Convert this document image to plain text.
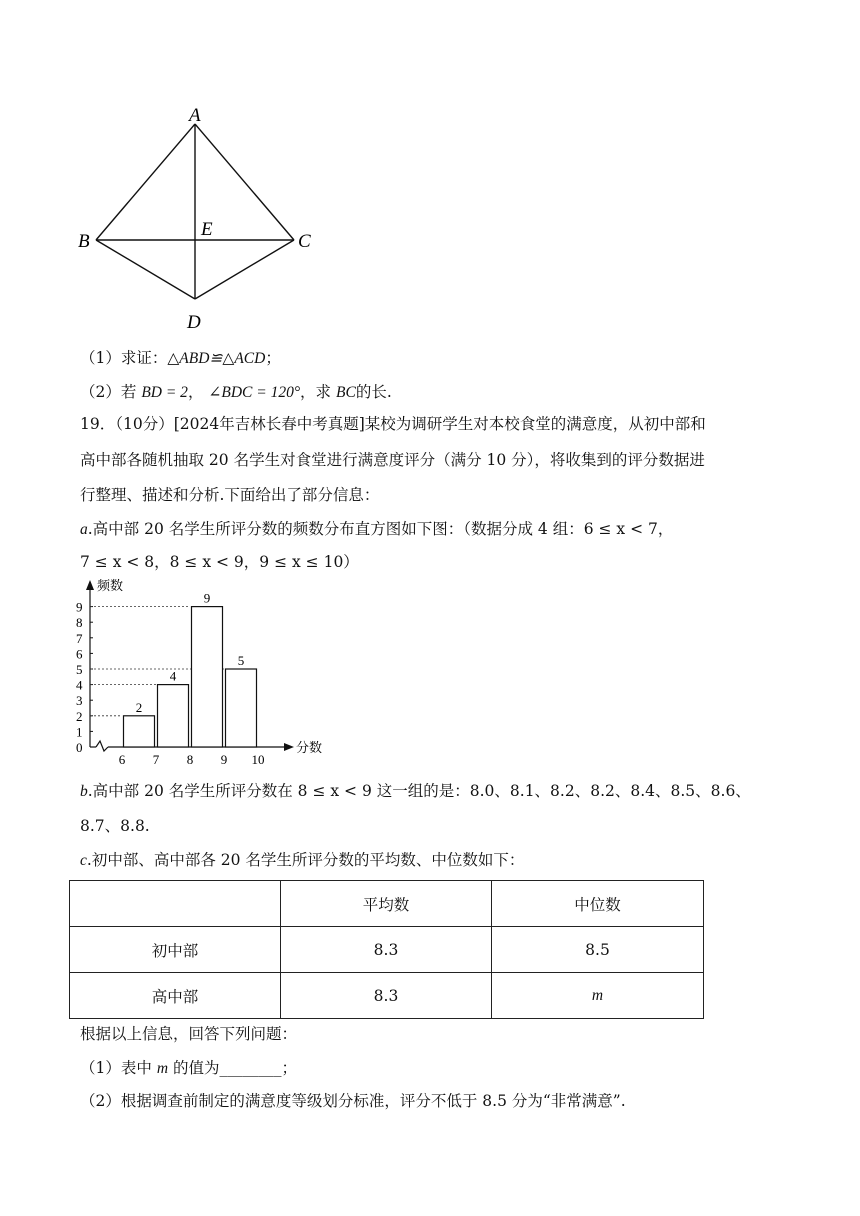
A
B	C
E
D
（1）求证：△ABD≌△ACD；
（2）若 BD = 2， ∠BDC = 120°，求 BC的长.
19．（10分）[2024年吉林长春中考真题]某校为调研学生对本校食堂的满意度，从初中部和
高中部各随机抽取 20 名学生对食堂进行满意度评分（满分 10 分），将收集到的评分数据进
行整理、描述和分析.下面给出了部分信息：
a.高中部 20 名学生所评分数的频数分布直方图如下图：（数据分成 4 组：6 ≤ x < 7，
7 ≤ x < 8，8 ≤ x < 9，9 ≤ x ≤ 10）
频数
分数
0
1
2
3
4
5
6
7
8
9
2
4
9
5
6 7 8 9 10
b.高中部 20 名学生所评分数在 8 ≤ x < 9 这一组的是：8.0、8.1、8.2、8.2、8.4、8.5、8.6、
8.7、8.8.
c.初中部、高中部各 20 名学生所评分数的平均数、中位数如下：
	平均数	中位数
初中部	8.3	8.5
高中部	8.3	m
根据以上信息，回答下列问题：
（1）表中 m 的值为________；
（2）根据调查前制定的满意度等级划分标准，评分不低于 8.5 分为“非常满意”.
